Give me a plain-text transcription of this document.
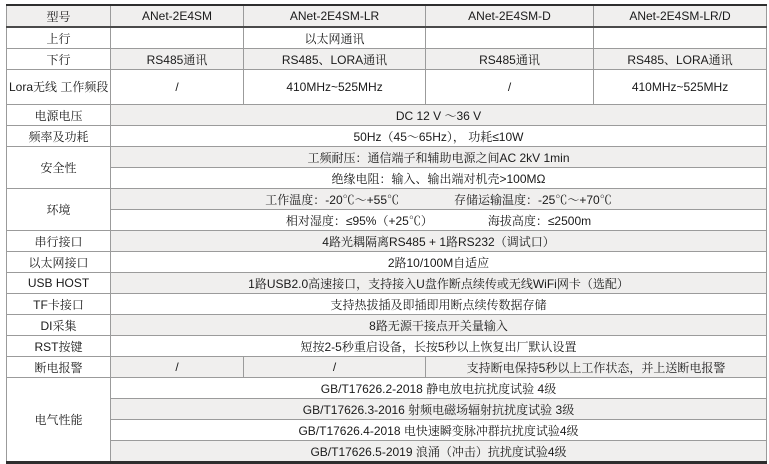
型号	ANet-2E4SM	ANet-2E4SM-LR	ANet-2E4SM-D	ANet-2E4SM-LR/D
上行		以太网通讯		
下行	RS485通讯	RS485、LORA通讯	RS485通讯	RS485、LORA通讯
Lora无线 工作频段	/	410MHz~525MHz	/	410MHz~525MHz
电源电压	DC 12 V ～36 V			
频率及功耗	50Hz（45～65Hz）， 功耗≤10W			
安全性	工频耐压：通信端子和辅助电源之间AC 2kV 1min			
	绝缘电阻：输入、输出端对机壳>100MΩ			
环境	工作温度：-20℃～+55℃ 存储运输温度：-25℃～+70℃			

	相对湿度：≤95%（+25℃） 海拔高度：≤2500m			

串行接口	4路光耦隔离RS485 + 1路RS232（调试口）			
以太网接口	2路10/100M自适应			
USB HOST	1路USB2.0高速接口，支持接入U盘作断点续传或无线WiFi网卡（选配）			
TF卡接口	支持热拔插及即插即用断点续传数据存储			
DI采集	8路无源干接点开关量输入			
RST按键	短按2-5秒重启设备，长按5秒以上恢复出厂默认设置			
断电报警	/	/	支持断电保持5秒以上工作状态，并上送断电报警	
电气性能	GB/T17626.2-2018 静电放电抗扰度试验 4级			
	GB/T17626.3-2016 射频电磁场辐射抗扰度试验 3级			
	GB/T17626.4-2018 电快速瞬变脉冲群抗扰度试验4级			
	GB/T17626.5-2019 浪涌（冲击）抗扰度试验4级			
